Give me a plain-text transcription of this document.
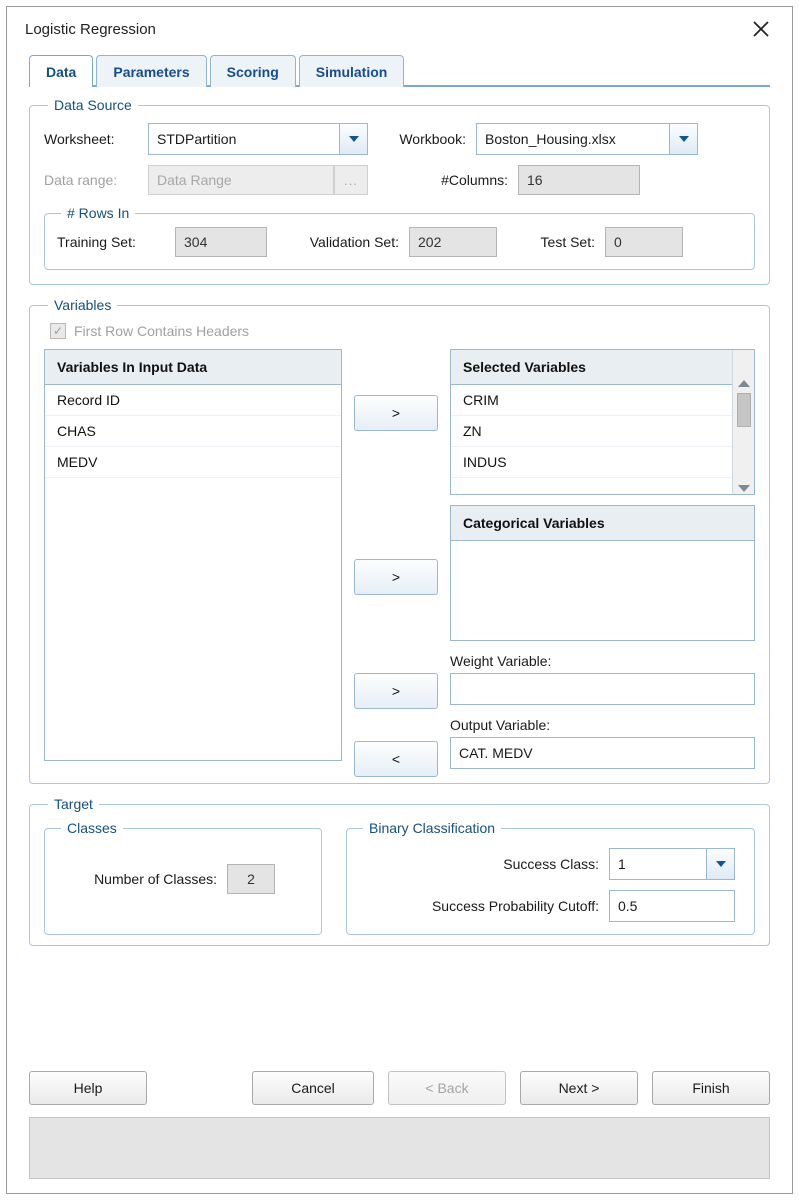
Logistic Regression
Data	Parameters	Scoring	Simulation
Data Source
Worksheet:	STDPartition	Workbook:	Boston_Housing.xlsx
Data range:	Data Range	...	#Columns:	16
# Rows In
Training Set:	304	Validation Set:	202	Test Set:	0
Variables
✓ First Row Contains Headers
Variables In Input Data
Record ID
CHAS
MEDV
>
>
>
<
Selected Variables
CRIM
ZN
INDUS
Categorical Variables
Weight Variable:
Output Variable:
CAT. MEDV
Target
Classes
Number of Classes:	2
Binary Classification
Success Class:	1
Success Probability Cutoff:	0.5
Help	Cancel	< Back	Next >	Finish
